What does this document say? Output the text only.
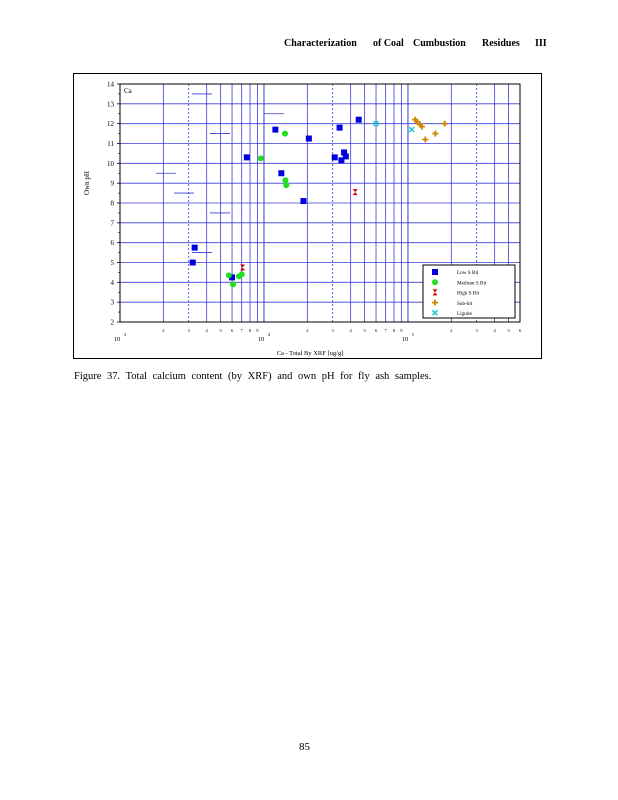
Characterization of Coal Cumbustion Residues III
2
3
4
5
6
7
8
9
10
11
12
13
14
10
3
10
4
10
5
2	3	4	5 6 7 8 9	2	3	4	5 6 7 8 9	2	3	4	5 6
Ca - Total By XRF [ug/g]
Own pH
Ca
Low S Bit
Medium S Bit
High S Bit
Sub-bit
Lignite
Figure 37. Total calcium content (by XRF) and own pH for fly ash samples.
85
